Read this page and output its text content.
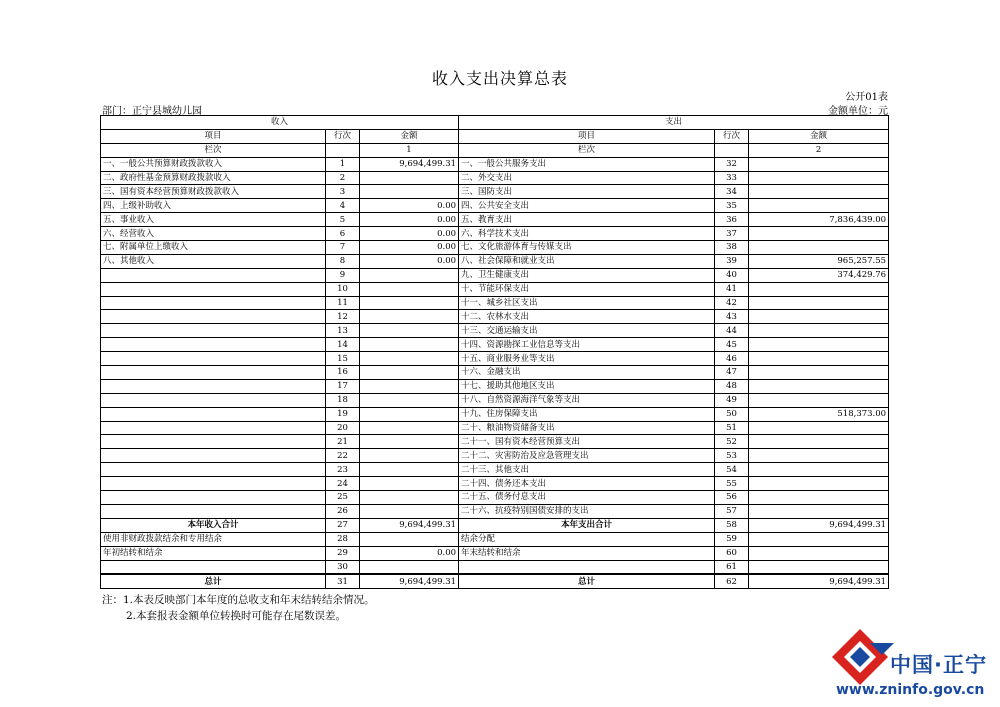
收入支出决算总表
公开01表
部门：正宁县城幼儿园	金额单位：元
收入			支出		
项目	行次	金额	项目	行次	金额
栏次		1	栏次		2
一、一般公共预算财政拨款收入	1	9,694,499.31	一、一般公共服务支出	32	
二、政府性基金预算财政拨款收入	2		二、外交支出	33	
三、国有资本经营预算财政拨款收入	3		三、国防支出	34	
四、上级补助收入	4	0.00	四、公共安全支出	35	
五、事业收入	5	0.00	五、教育支出	36	7,836,439.00
六、经营收入	6	0.00	六、科学技术支出	37	
七、附属单位上缴收入	7	0.00	七、文化旅游体育与传媒支出	38	
八、其他收入	8	0.00	八、社会保障和就业支出	39	965,257.55
	9		九、卫生健康支出	40	374,429.76
	10		十、节能环保支出	41	
	11		十一、城乡社区支出	42	
	12		十二、农林水支出	43	
	13		十三、交通运输支出	44	
	14		十四、资源勘探工业信息等支出	45	
	15		十五、商业服务业等支出	46	
	16		十六、金融支出	47	
	17		十七、援助其他地区支出	48	
	18		十八、自然资源海洋气象等支出	49	
	19		十九、住房保障支出	50	518,373.00
	20		二十、粮油物资储备支出	51	
	21		二十一、国有资本经营预算支出	52	
	22		二十二、灾害防治及应急管理支出	53	
	23		二十三、其他支出	54	
	24		二十四、债务还本支出	55	
	25		二十五、债务付息支出	56	
	26		二十六、抗疫特别国债安排的支出	57	
本年收入合计	27	9,694,499.31	本年支出合计	58	9,694,499.31
使用非财政拨款结余和专用结余	28		结余分配	59	
年初结转和结余	29	0.00	年末结转和结余	60	
	30			61	
总计	31	9,694,499.31	总计	62	9,694,499.31
注：1.本表反映部门本年度的总收支和年末结转结余情况。
2.本套报表金额单位转换时可能存在尾数误差。
中国·正宁
www.zninfo.gov.cn
